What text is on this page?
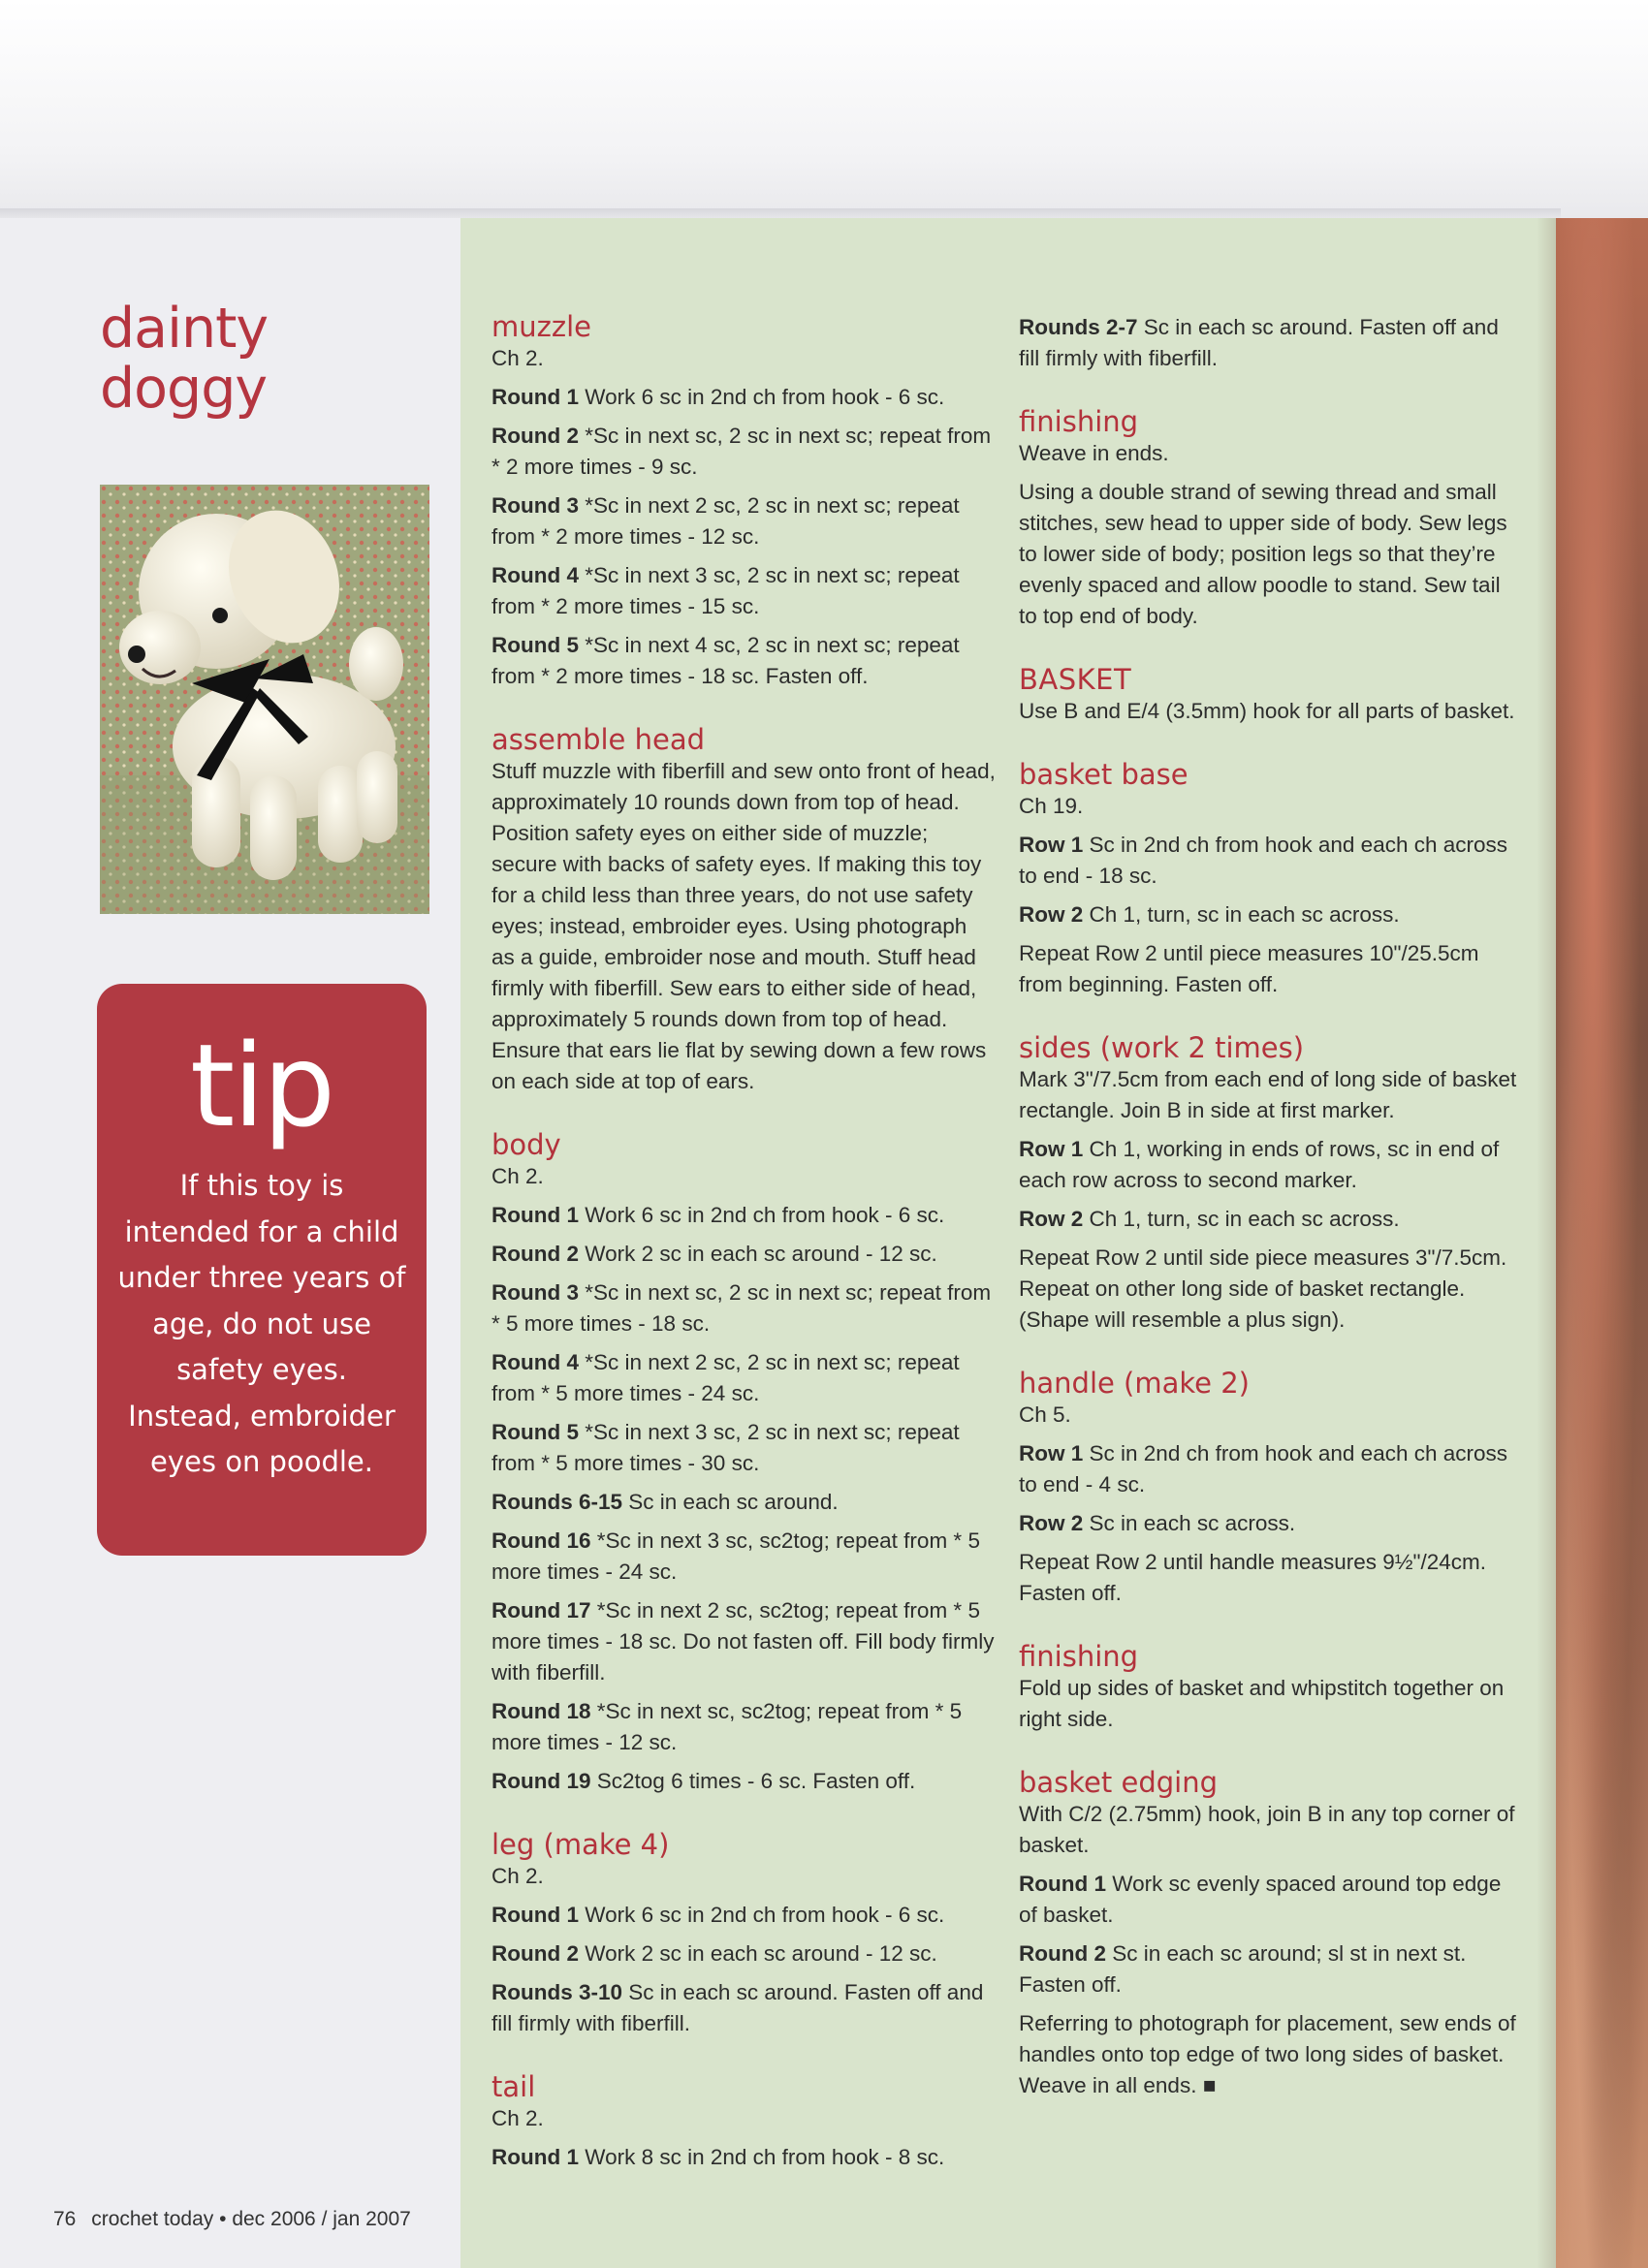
dainty
doggy
tip
If this toy is
intended for a child
under three years of
age, do not use
safety eyes.
Instead, embroider
eyes on poodle.
muzzle
Ch 2.
Round 1 Work 6 sc in 2nd ch from hook - 6 sc.
Round 2 *Sc in next sc, 2 sc in next sc; repeat from * 2 more times - 9 sc.
Round 3 *Sc in next 2 sc, 2 sc in next sc; repeat from * 2 more times - 12 sc.
Round 4 *Sc in next 3 sc, 2 sc in next sc; repeat from * 2 more times - 15 sc.
Round 5 *Sc in next 4 sc, 2 sc in next sc; repeat from * 2 more times - 18 sc. Fasten off.
assemble head
Stuff muzzle with fiberfill and sew onto front of head, approximately 10 rounds down from top of head. Position safety eyes on either side of muzzle; secure with backs of safety eyes. If making this toy for a child less than three years, do not use safety eyes; instead, embroider eyes. Using photograph as a guide, embroider nose and mouth. Stuff head firmly with fiberfill. Sew ears to either side of head, approximately 5 rounds down from top of head. Ensure that ears lie flat by sewing down a few rows on each side at top of ears.
body
Ch 2.
Round 1 Work 6 sc in 2nd ch from hook - 6 sc.
Round 2 Work 2 sc in each sc around - 12 sc.
Round 3 *Sc in next sc, 2 sc in next sc; repeat from * 5 more times - 18 sc.
Round 4 *Sc in next 2 sc, 2 sc in next sc; repeat from * 5 more times - 24 sc.
Round 5 *Sc in next 3 sc, 2 sc in next sc; repeat from * 5 more times - 30 sc.
Rounds 6-15 Sc in each sc around.
Round 16 *Sc in next 3 sc, sc2tog; repeat from * 5 more times - 24 sc.
Round 17 *Sc in next 2 sc, sc2tog; repeat from * 5 more times - 18 sc. Do not fasten off. Fill body firmly with fiberfill.
Round 18 *Sc in next sc, sc2tog; repeat from * 5 more times - 12 sc.
Round 19 Sc2tog 6 times - 6 sc. Fasten off.
leg (make 4)
Ch 2.
Round 1 Work 6 sc in 2nd ch from hook - 6 sc.
Round 2 Work 2 sc in each sc around - 12 sc.
Rounds 3-10 Sc in each sc around. Fasten off and fill firmly with fiberfill.
tail
Ch 2.
Round 1 Work 8 sc in 2nd ch from hook - 8 sc.
Rounds 2-7 Sc in each sc around. Fasten off and fill firmly with fiberfill.
finishing
Weave in ends.
Using a double strand of sewing thread and small stitches, sew head to upper side of body. Sew legs to lower side of body; position legs so that they’re evenly spaced and allow poodle to stand. Sew tail to top end of body.
BASKET
Use B and E/4 (3.5mm) hook for all parts of basket.
basket base
Ch 19.
Row 1 Sc in 2nd ch from hook and each ch across to end - 18 sc.
Row 2 Ch 1, turn, sc in each sc across.
Repeat Row 2 until piece measures 10"/25.5cm from beginning. Fasten off.
sides (work 2 times)
Mark 3"/7.5cm from each end of long side of basket rectangle. Join B in side at first marker.
Row 1 Ch 1, working in ends of rows, sc in end of each row across to second marker.
Row 2 Ch 1, turn, sc in each sc across.
Repeat Row 2 until side piece measures 3"/7.5cm. Repeat on other long side of basket rectangle. (Shape will resemble a plus sign).
handle (make 2)
Ch 5.
Row 1 Sc in 2nd ch from hook and each ch across to end - 4 sc.
Row 2 Sc in each sc across.
Repeat Row 2 until handle measures 9½"/24cm. Fasten off.
finishing
Fold up sides of basket and whipstitch together on right side.
basket edging
With C/2 (2.75mm) hook, join B in any top corner of basket.
Round 1 Work sc evenly spaced around top edge of basket.
Round 2 Sc in each sc around; sl st in next st. Fasten off.
Referring to photograph for placement, sew ends of handles onto top edge of two long sides of basket. Weave in all ends. ■
76 crochet today • dec 2006 / jan 2007
